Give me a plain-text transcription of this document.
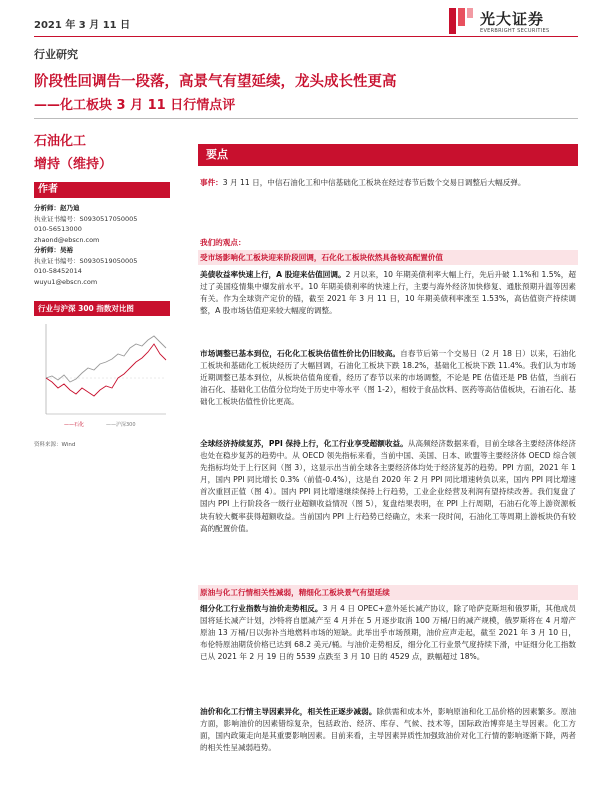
2021 年 3 月 11 日	光大证券
EVERBRIGHT SECURITIES
行业研究
阶段性回调告一段落，高景气有望延续，龙头成长性更高
——化工板块 3 月 11 日行情点评
石油化工
增持（维持）
作者
分析师：赵乃迪
执业证书编号：S0930517050005
010-56513000
zhaond@ebscn.com
分析师：吴裕
执业证书编号：S0930519050005
010-58452014
wuyu1@ebscn.com
行业与沪深 300 指数对比图
——石化	——沪深300
资料来源：Wind
要点
事件：3 月 11 日，中信石油化工和中信基础化工板块在经过春节后数个交易日调整后大幅反弹。
我们的观点：
受市场影响化工板块迎来阶段回调，石化化工板块依然具备较高配置价值
美债收益率快速上行，A 股迎来估值回调。2 月以来，10 年期美债利率大幅上行，先后升破 1.1%和 1.5%，超过了美国疫情集中爆发前水平。10 年期美债利率的快速上行，主要与海外经济加快修复、通胀预期升温等因素有关。作为全球资产定价的锚，截至 2021 年 3 月 11 日，10 年期美债利率涨至 1.53%，高估值资产持续调整，A 股市场估值迎来较大幅度的调整。
市场调整已基本到位，石化化工板块估值性价比仍旧较高。自春节后第一个交易日（2 月 18 日）以来，石油化工板块和基础化工板块经历了大幅回调，石油化工板块下跌 18.2%，基础化工板块下跌 11.4%。我们认为市场近期调整已基本到位，从板块估值角度看，经历了春节以来的市场调整，不论是 PE 估值还是 PB 估值，当前石油石化、基础化工估值分位均处于历史中等水平（图 1-2），相较于食品饮料、医药等高估值板块，石油石化、基础化工板块估值性价比更高。
全球经济持续复苏，PPI 保持上行，化工行业享受超额收益。从高频经济数据来看，目前全球各主要经济体经济也处在稳步复苏的趋势中。从 OECD 领先指标来看，当前中国、美国、日本、欧盟等主要经济体 OECD 综合领先指标均处于上行区间（图 3），这显示出当前全球各主要经济体均处于经济复苏的趋势。PPI 方面，2021 年 1 月，国内 PPI 同比增长 0.3%（前值-0.4%），这是自 2020 年 2 月 PPI 同比增速转负以来，国内 PPI 同比增速首次重回正值（图 4）。国内 PPI 同比增速继续保持上行趋势，工业企业经营及利润有望持续改善。我们复盘了国内 PPI 上行阶段各一级行业超额收益情况（图 5），复盘结果表明，在 PPI 上行周期，石油石化等上游资源板块有较大概率获得超额收益。当前国内 PPI 上行趋势已经确立，未来一段时间，石油化工等周期上游板块仍有较高的配置价值。
原油与化工行情相关性减弱，精细化工板块景气有望延续
细分化工行业指数与油价走势相反。3 月 4 日 OPEC+意外延长减产协议，除了哈萨克斯坦和俄罗斯，其他成员国将延长减产计划，沙特将自愿减产至 4 月并在 5 月逐步取消 100 万桶/日的减产规模，俄罗斯将在 4 月增产原油 13 万桶/日以弥补当地燃料市场的短缺。此举出乎市场预期，油价应声走起，截至 2021 年 3 月 10 日，布伦特原油期货价格已达到 68.2 美元/桶。与油价走势相反，细分化工行业景气度持续下滑，中证细分化工指数已从 2021 年 2 月 19 日的 5539 点跌至 3 月 10 日的 4529 点，跌幅超过 18%。
油价和化工行情主导因素异化，相关性正逐步减弱。除供需和成本外，影响原油和化工品价格的因素繁多。原油方面，影响油价的因素错综复杂，包括政治、经济、库存、气候、技术等，国际政治博弈是主导因素。化工方面，国内政策走向是其重要影响因素。目前来看，主导因素异质性加强致油价对化工行情的影响逐渐下降，两者的相关性呈减弱趋势。
